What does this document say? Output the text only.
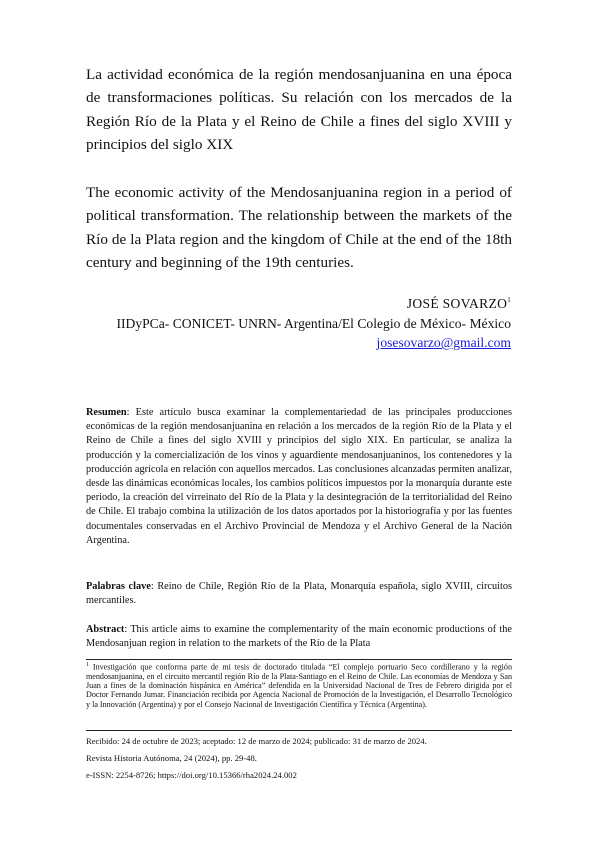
La actividad económica de la región mendosanjuanina en una época de transformaciones políticas. Su relación con los mercados de la Región Río de la Plata y el Reino de Chile a fines del siglo XVIII y principios del siglo XIX
The economic activity of the Mendosanjuanina region in a period of political transformation. The relationship between the markets of the Río de la Plata region and the kingdom of Chile at the end of the 18th century and beginning of the 19th centuries.
JOSÉ SOVARZO$^1$
IIDyPCa- CONICET- UNRN- Argentina/El Colegio de México- México
josesovarzo@gmail.com

Resumen: Este artículo busca examinar la complementariedad de las principales producciones económicas de la región mendosanjuanina en relación a los mercados de la región Río de la Plata y el Reino de Chile a fines del siglo XVIII y principios del siglo XIX. En particular, se analiza la producción y la comercialización de los vinos y aguardiente mendosanjuaninos, los contenedores y la producción agrícola en relación con aquellos mercados. Las conclusiones alcanzadas permiten analizar, desde las dinámicas económicas locales, los cambios políticos impuestos por la monarquía durante este periodo, la creación del virreinato del Río de la Plata y la desintegración de la territorialidad del Reino de Chile. El trabajo combina la utilización de los datos aportados por la historiografía y por las fuentes documentales conservadas en el Archivo Provincial de Mendoza y el Archivo General de la Nación Argentina.

Palabras clave: Reino de Chile, Región Río de la Plata, Monarquía española, siglo XVIII, circuitos mercantiles.

Abstract: This article aims to examine the complementarity of the main economic productions of the Mendosanjuan region in relation to the markets of the Río de la Plata

$^1$ Investigación que conforma parte de mi tesis de doctorado titulada “El complejo portuario Seco cordillerano y la región mendosanjuanina, en el circuito mercantil región Río de la Plata-Santiago en el Reino de Chile. Las economías de Mendoza y San Juan a fines de la dominación hispánica en América” defendida en la Universidad Nacional de Tres de Febrero dirigida por el Doctor Fernando Jumar. Financiación recibida por Agencia Nacional de Promoción de la Investigación, el Desarrollo Tecnológico y la Innovación (Argentina) y por el Consejo Nacional de Investigación Científica y Técnica (Argentina).

Recibido: 24 de octubre de 2023; aceptado: 12 de marzo de 2024; publicado: 31 de marzo de 2024.

Revista Historia Autónoma, 24 (2024), pp. 29-48.

e-ISSN: 2254-8726; https://doi.org/10.15366/rha2024.24.002
